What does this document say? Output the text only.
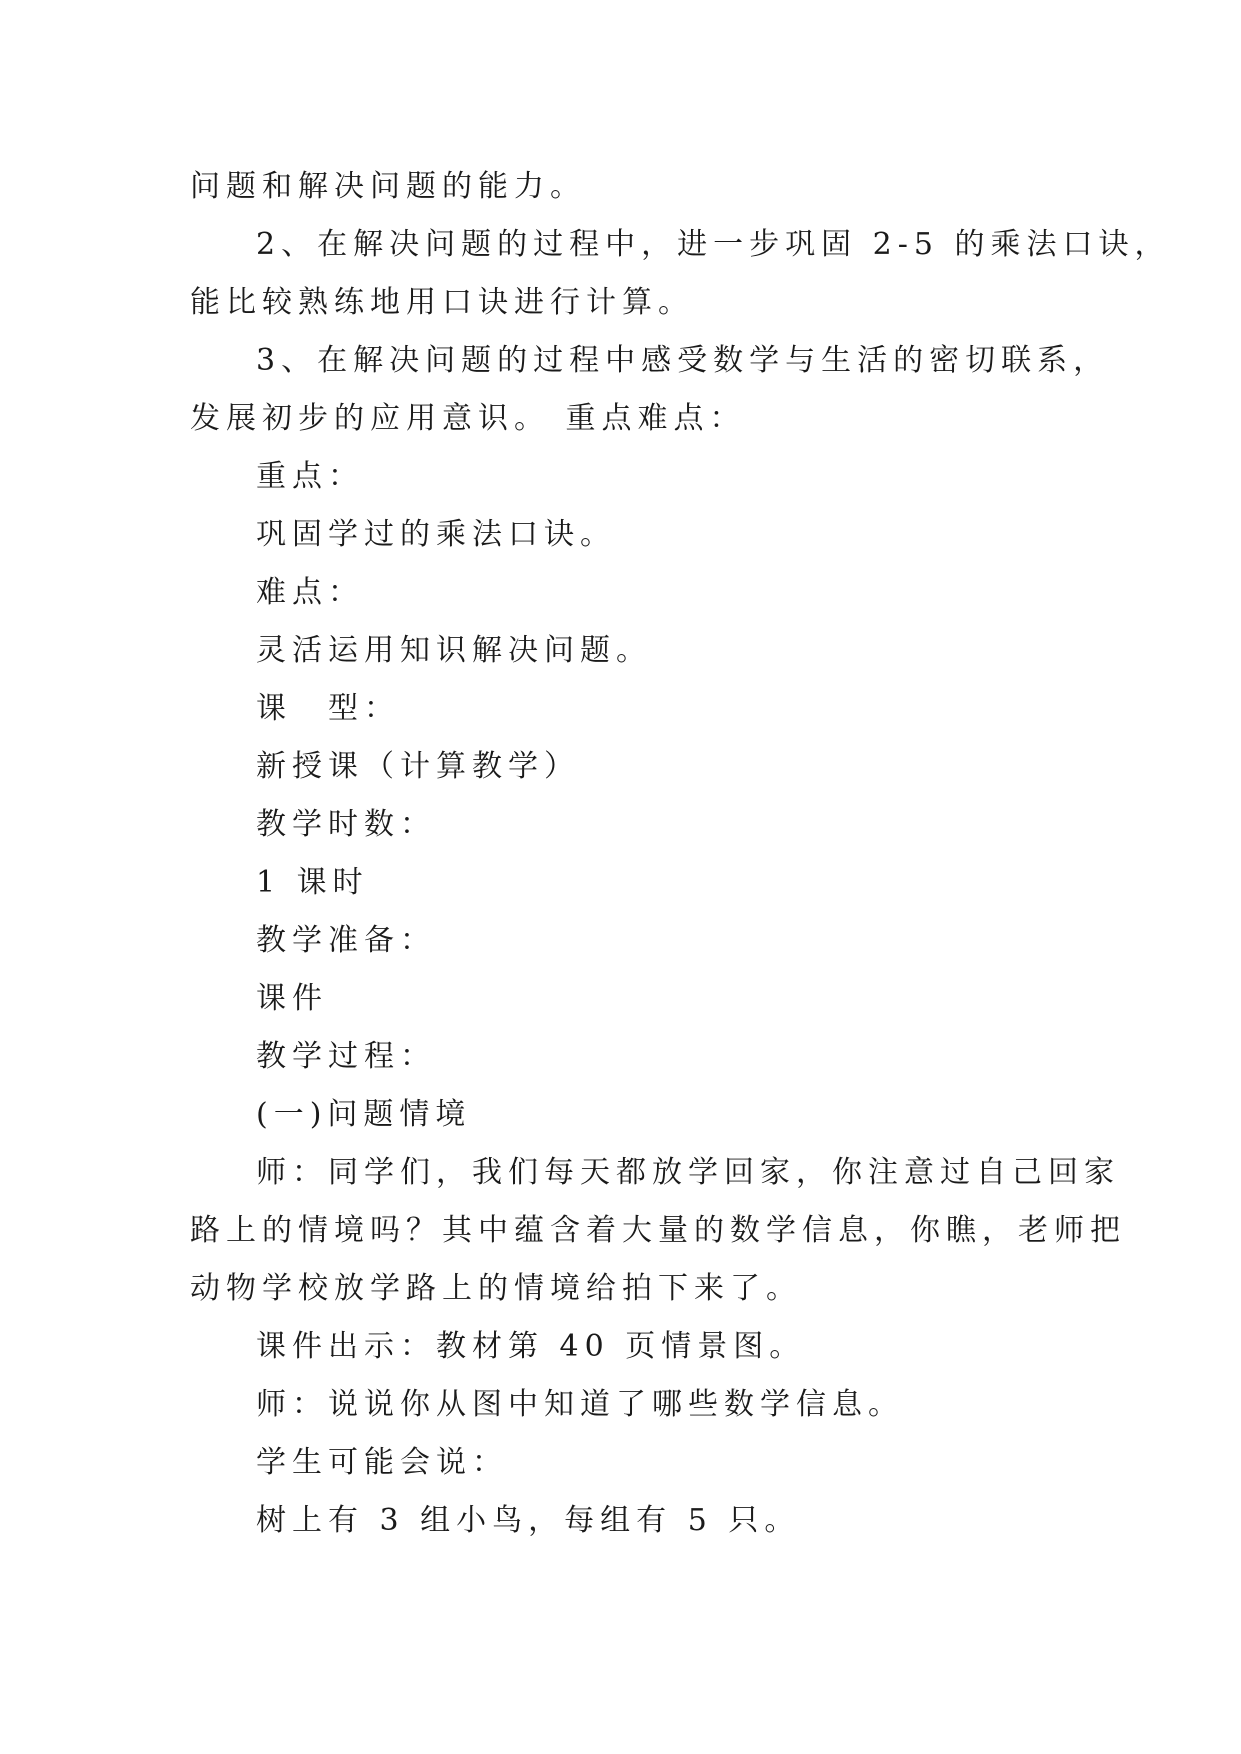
问题和解决问题的能力。
2、在解决问题的过程中，进一步巩固 2-5 的乘法口诀，
能比较熟练地用口诀进行计算。
3、在解决问题的过程中感受数学与生活的密切联系，
发展初步的应用意识。 重点难点：
重点：
巩固学过的乘法口诀。
难点：
灵活运用知识解决问题。
课　型：
新授课（计算教学）
教学时数：
1 课时
教学准备：
课件
教学过程：
(一)问题情境
师：同学们，我们每天都放学回家，你注意过自己回家
路上的情境吗？其中蕴含着大量的数学信息，你瞧，老师把
动物学校放学路上的情境给拍下来了。
课件出示：教材第 40 页情景图。
师：说说你从图中知道了哪些数学信息。
学生可能会说：
树上有 3 组小鸟，每组有 5 只。
